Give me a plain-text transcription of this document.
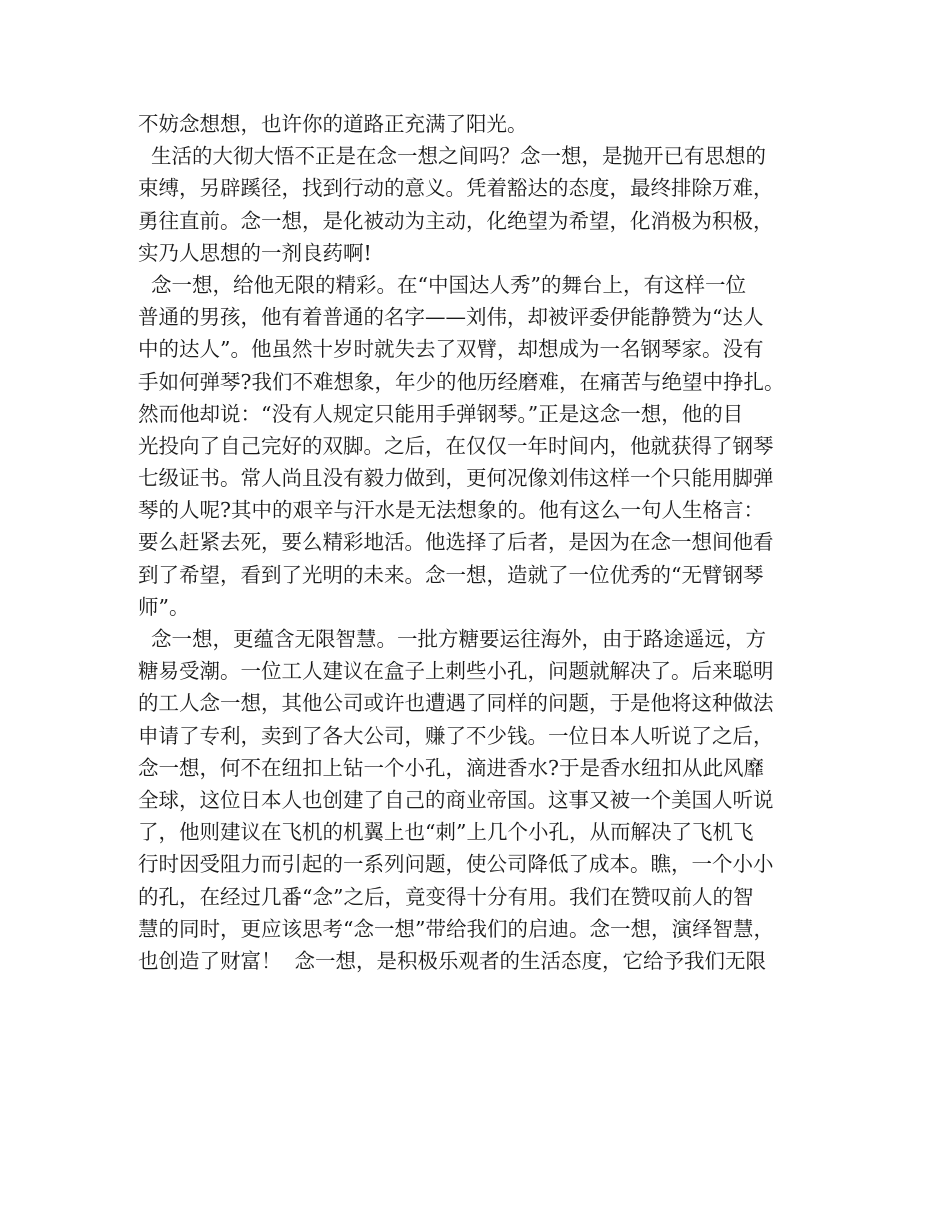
不妨念想想，也许你的道路正充满了阳光。
生活的大彻大悟不正是在念一想之间吗？念一想，是抛开已有思想的
束缚，另辟蹊径，找到行动的意义。凭着豁达的态度，最终排除万难，
勇往直前。念一想，是化被动为主动，化绝望为希望，化消极为积极，
实乃人思想的一剂良药啊!
念一想，给他无限的精彩。在“中国达人秀”的舞台上，有这样一位
普通的男孩，他有着普通的名字——刘伟，却被评委伊能静赞为“达人
中的达人”。他虽然十岁时就失去了双臂，却想成为一名钢琴家。没有
手如何弹琴?我们不难想象，年少的他历经磨难，在痛苦与绝望中挣扎。
然而他却说：“没有人规定只能用手弹钢琴。”正是这念一想，他的目
光投向了自己完好的双脚。之后，在仅仅一年时间内，他就获得了钢琴
七级证书。常人尚且没有毅力做到，更何况像刘伟这样一个只能用脚弹
琴的人呢?其中的艰辛与汗水是无法想象的。他有这么一句人生格言：
要么赶紧去死，要么精彩地活。他选择了后者，是因为在念一想间他看
到了希望，看到了光明的未来。念一想，造就了一位优秀的“无臂钢琴
师”。
念一想，更蕴含无限智慧。一批方糖要运往海外，由于路途遥远，方
糖易受潮。一位工人建议在盒子上刺些小孔，问题就解决了。后来聪明
的工人念一想，其他公司或许也遭遇了同样的问题，于是他将这种做法
申请了专利，卖到了各大公司，赚了不少钱。一位日本人听说了之后，
念一想，何不在纽扣上钻一个小孔，滴进香水?于是香水纽扣从此风靡
全球，这位日本人也创建了自己的商业帝国。这事又被一个美国人听说
了，他则建议在飞机的机翼上也“刺”上几个小孔，从而解决了飞机飞
行时因受阻力而引起的一系列问题，使公司降低了成本。瞧，一个小小
的孔，在经过几番“念”之后，竟变得十分有用。我们在赞叹前人的智
慧的同时，更应该思考“念一想”带给我们的启迪。念一想，演绎智慧，
也创造了财富！  念一想，是积极乐观者的生活态度，它给予我们无限
